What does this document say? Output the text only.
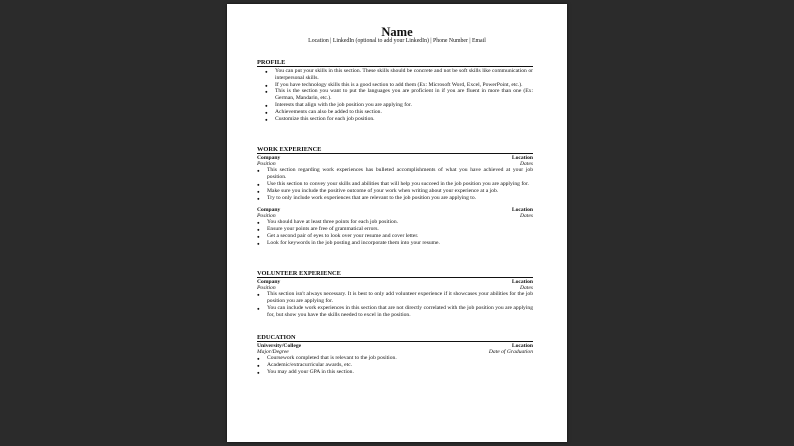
Name
Location | LinkedIn (optional to add your LinkedIn) | Phone Number | Email
PROFILE
● You can put your skills in this section. These skills should be concrete and not be soft skills like communication or interpersonal skills.
● If you have technology skills this is a good section to add them (Ex: Microsoft Word, Excel, PowerPoint, etc.).
● This is the section you want to put the languages you are proficient in if you are fluent in more than one (Ex: German, Mandarin, etc.).
● Interests that align with the job position you are applying for.
● Achievements can also be added to this section.
● Customize this section for each job position.
WORK EXPERIENCE
Company	Location
Position	Dates
● This section regarding work experiences has bulleted accomplishments of what you have achieved at your job position.
● Use this section to convey your skills and abilities that will help you succeed in the job position you are applying for.
● Make sure you include the positive outcome of your work when writing about your experience at a job.
● Try to only include work experiences that are relevant to the job position you are applying to.
Company	Location
Position	Dates
● You should have at least three points for each job position.
● Ensure your points are free of grammatical errors.
● Get a second pair of eyes to look over your resume and cover letter.
● Look for keywords in the job posting and incorporate them into your resume.
VOLUNTEER EXPERIENCE
Company	Location
Position	Dates
● This section isn't always necessary. It is best to only add volunteer experience if it showcases your abilities for the job position you are applying for.
● You can include work experiences in this section that are not directly correlated with the job position you are applying for, but show you have the skills needed to excel in the position.
EDUCATION
University/College	Location
Major/Degree	Date of Graduation
● Coursework completed that is relevant to the job position.
● Academic/extracurricular awards, etc.
● You may add your GPA in this section.
